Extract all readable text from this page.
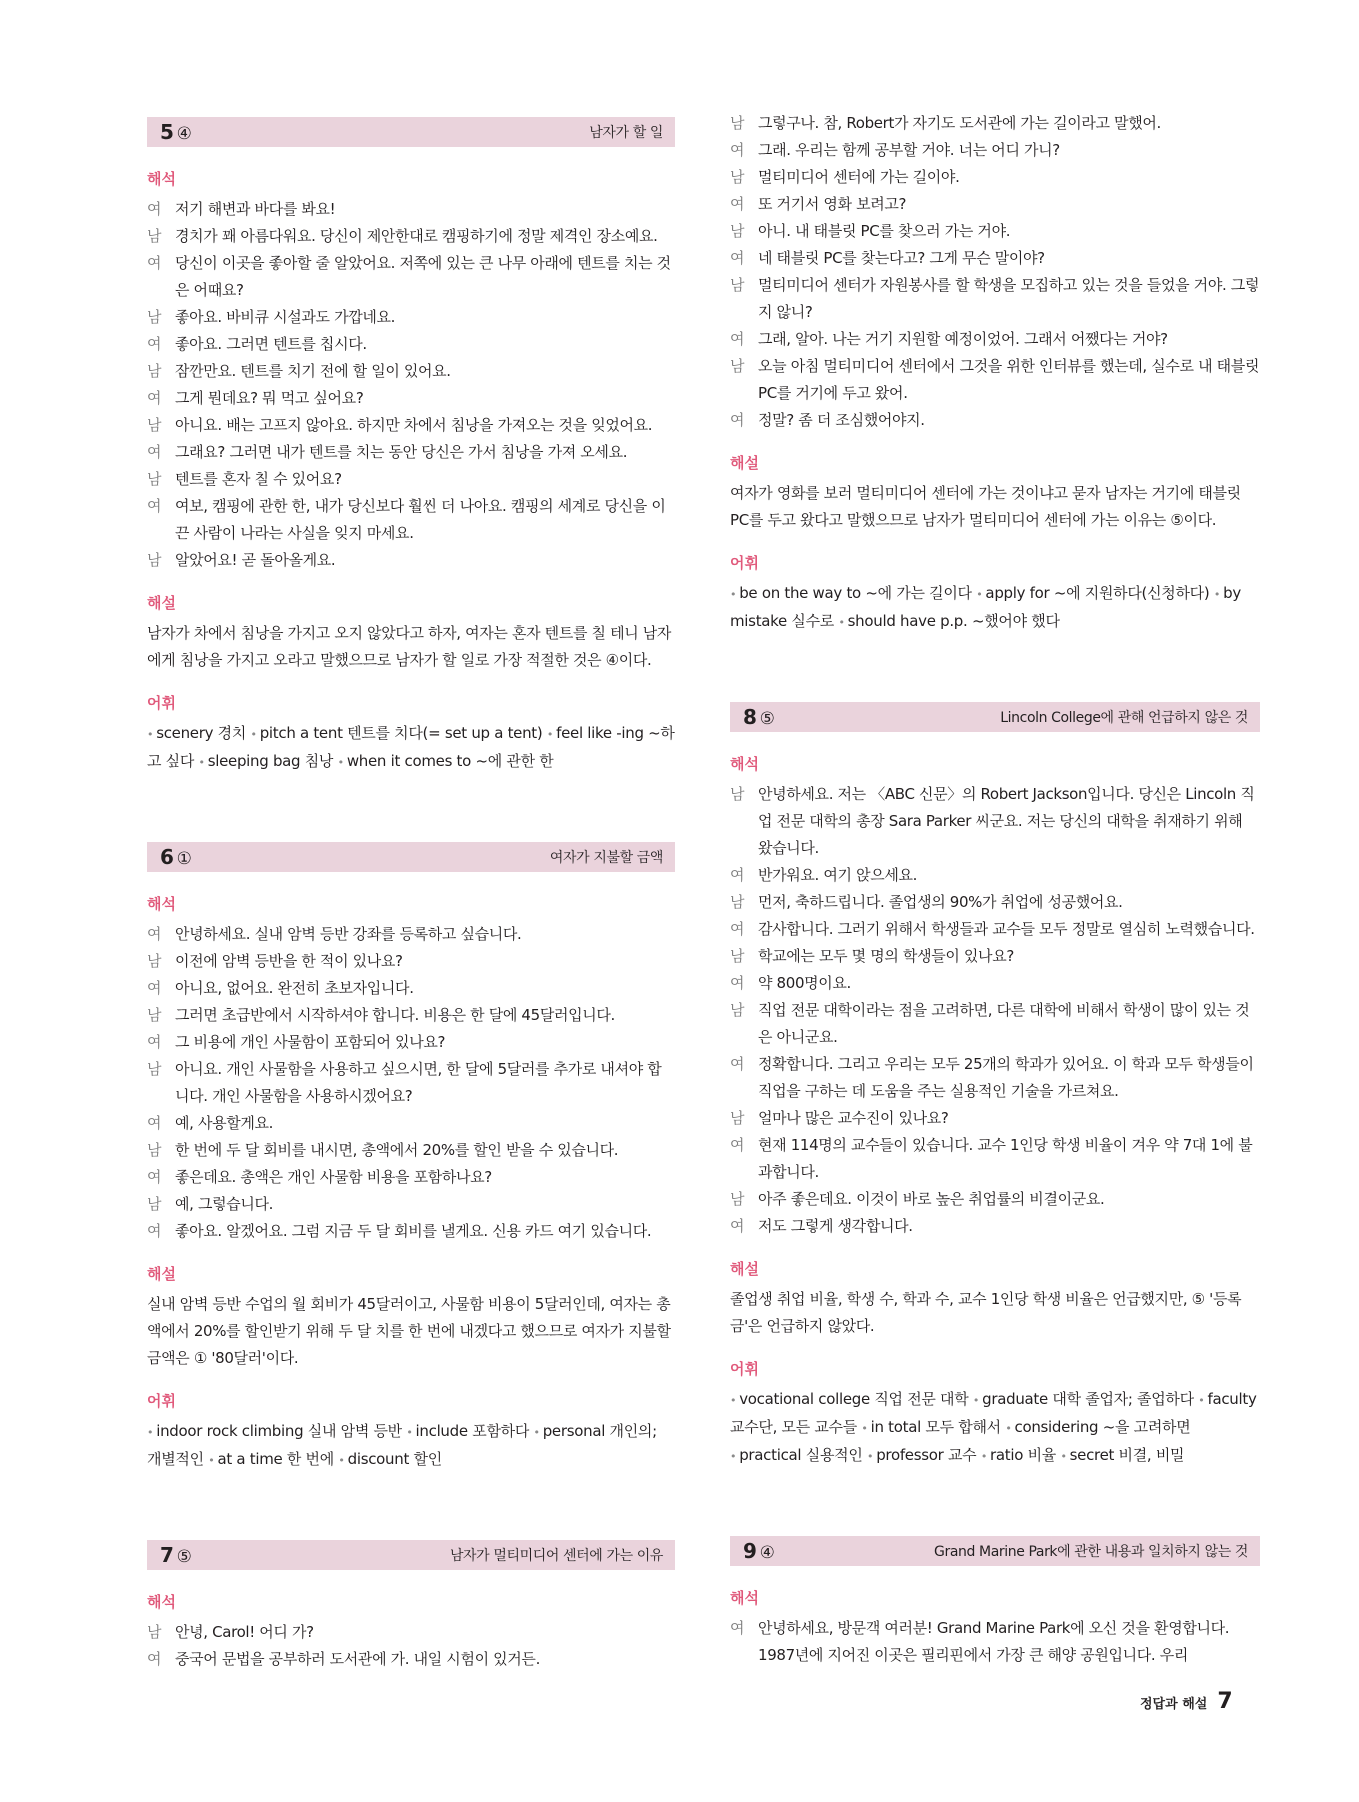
5 ④	남자가 할 일
해석
여 저기 해변과 바다를 봐요!
남 경치가 꽤 아름다워요. 당신이 제안한대로 캠핑하기에 정말 제격인 장소예요.
여 당신이 이곳을 좋아할 줄 알았어요. 저쪽에 있는 큰 나무 아래에 텐트를 치는 것은 어때요?
남 좋아요. 바비큐 시설과도 가깝네요.
여 좋아요. 그러면 텐트를 칩시다.
남 잠깐만요. 텐트를 치기 전에 할 일이 있어요.
여 그게 뭔데요? 뭐 먹고 싶어요?
남 아니요. 배는 고프지 않아요. 하지만 차에서 침낭을 가져오는 것을 잊었어요.
여 그래요? 그러면 내가 텐트를 치는 동안 당신은 가서 침낭을 가져 오세요.
남 텐트를 혼자 칠 수 있어요?
여 여보, 캠핑에 관한 한, 내가 당신보다 훨씬 더 나아요. 캠핑의 세계로 당신을 이끈 사람이 나라는 사실을 잊지 마세요.
남 알았어요! 곧 돌아올게요.
해설
남자가 차에서 침낭을 가지고 오지 않았다고 하자, 여자는 혼자 텐트를 칠 테니 남자에게 침낭을 가지고 오라고 말했으므로 남자가 할 일로 가장 적절한 것은 ④이다.
어휘
• scenery 경치 • pitch a tent 텐트를 치다(= set up a tent) • feel like -ing ~하고 싶다 • sleeping bag 침낭 • when it comes to ~에 관한 한
6 ①	여자가 지불할 금액
해석
여 안녕하세요. 실내 암벽 등반 강좌를 등록하고 싶습니다.
남 이전에 암벽 등반을 한 적이 있나요?
여 아니요, 없어요. 완전히 초보자입니다.
남 그러면 초급반에서 시작하셔야 합니다. 비용은 한 달에 45달러입니다.
여 그 비용에 개인 사물함이 포함되어 있나요?
남 아니요. 개인 사물함을 사용하고 싶으시면, 한 달에 5달러를 추가로 내셔야 합니다. 개인 사물함을 사용하시겠어요?
여 예, 사용할게요.
남 한 번에 두 달 회비를 내시면, 총액에서 20%를 할인 받을 수 있습니다.
여 좋은데요. 총액은 개인 사물함 비용을 포함하나요?
남 예, 그렇습니다.
여 좋아요. 알겠어요. 그럼 지금 두 달 회비를 낼게요. 신용 카드 여기 있습니다.
해설
실내 암벽 등반 수업의 월 회비가 45달러이고, 사물함 비용이 5달러인데, 여자는 총액에서 20%를 할인받기 위해 두 달 치를 한 번에 내겠다고 했으므로 여자가 지불할 금액은 ① '80달러'이다.
어휘
• indoor rock climbing 실내 암벽 등반 • include 포함하다 • personal 개인의; 개별적인 • at a time 한 번에 • discount 할인
7 ⑤	남자가 멀티미디어 센터에 가는 이유
해석
남 안녕, Carol! 어디 가?
여 중국어 문법을 공부하러 도서관에 가. 내일 시험이 있거든.
남 그렇구나. 참, Robert가 자기도 도서관에 가는 길이라고 말했어.
여 그래. 우리는 함께 공부할 거야. 너는 어디 가니?
남 멀티미디어 센터에 가는 길이야.
여 또 거기서 영화 보려고?
남 아니. 내 태블릿 PC를 찾으러 가는 거야.
여 네 태블릿 PC를 찾는다고? 그게 무슨 말이야?
남 멀티미디어 센터가 자원봉사를 할 학생을 모집하고 있는 것을 들었을 거야. 그렇지 않니?
여 그래, 알아. 나는 거기 지원할 예정이었어. 그래서 어쨌다는 거야?
남 오늘 아침 멀티미디어 센터에서 그것을 위한 인터뷰를 했는데, 실수로 내 태블릿 PC를 거기에 두고 왔어.
여 정말? 좀 더 조심했어야지.
해설
여자가 영화를 보러 멀티미디어 센터에 가는 것이냐고 묻자 남자는 거기에 태블릿 PC를 두고 왔다고 말했으므로 남자가 멀티미디어 센터에 가는 이유는 ⑤이다.
어휘
• be on the way to ~에 가는 길이다 • apply for ~에 지원하다(신청하다) • by mistake 실수로 • should have p.p. ~했어야 했다
8 ⑤	Lincoln College에 관해 언급하지 않은 것
해석
남 안녕하세요. 저는 〈ABC 신문〉의 Robert Jackson입니다. 당신은 Lincoln 직업 전문 대학의 총장 Sara Parker 씨군요. 저는 당신의 대학을 취재하기 위해 왔습니다.
여 반가워요. 여기 앉으세요.
남 먼저, 축하드립니다. 졸업생의 90%가 취업에 성공했어요.
여 감사합니다. 그러기 위해서 학생들과 교수들 모두 정말로 열심히 노력했습니다.
남 학교에는 모두 몇 명의 학생들이 있나요?
여 약 800명이요.
남 직업 전문 대학이라는 점을 고려하면, 다른 대학에 비해서 학생이 많이 있는 것은 아니군요.
여 정확합니다. 그리고 우리는 모두 25개의 학과가 있어요. 이 학과 모두 학생들이 직업을 구하는 데 도움을 주는 실용적인 기술을 가르쳐요.
남 얼마나 많은 교수진이 있나요?
여 현재 114명의 교수들이 있습니다. 교수 1인당 학생 비율이 겨우 약 7대 1에 불과합니다.
남 아주 좋은데요. 이것이 바로 높은 취업률의 비결이군요.
여 저도 그렇게 생각합니다.
해설
졸업생 취업 비율, 학생 수, 학과 수, 교수 1인당 학생 비율은 언급했지만, ⑤ '등록금'은 언급하지 않았다.
어휘
• vocational college 직업 전문 대학 • graduate 대학 졸업자; 졸업하다 • faculty 교수단, 모든 교수들 • in total 모두 합해서 • considering ~을 고려하면 • practical 실용적인 • professor 교수 • ratio 비율 • secret 비결, 비밀
9 ④	Grand Marine Park에 관한 내용과 일치하지 않는 것
해석
여 안녕하세요, 방문객 여러분! Grand Marine Park에 오신 것을 환영합니다. 1987년에 지어진 이곳은 필리핀에서 가장 큰 해양 공원입니다. 우리
정답과 해설 7
